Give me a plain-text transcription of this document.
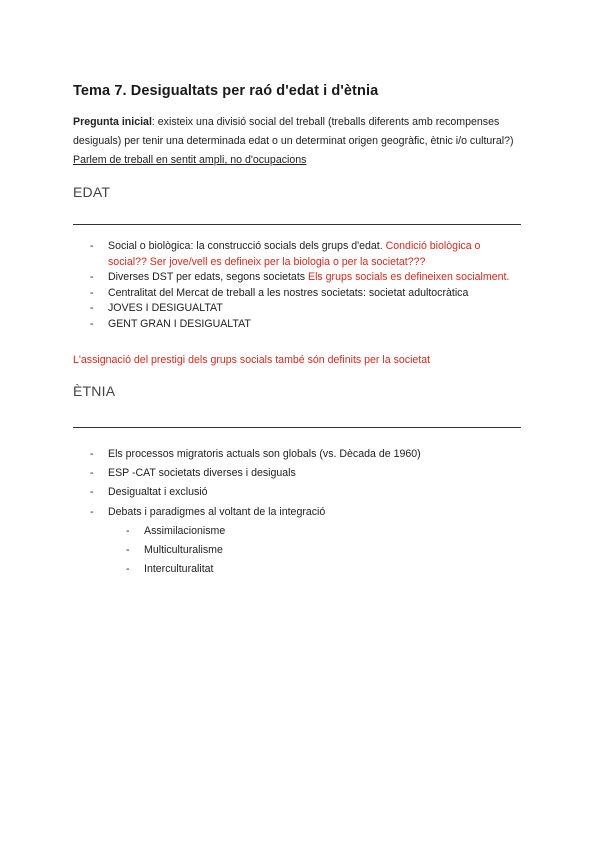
Tema 7. Desigualtats per raó d'edat i d'ètnia
Pregunta inicial: existeix una divisió social del treball (treballs diferents amb recompenses desiguals) per tenir una determinada edat o un determinat origen geogràfic, ètnic i/o cultural?) Parlem de treball en sentit ampli, no d'ocupacions
EDAT
- Social o biològica: la construcció socials dels grups d'edat. Condició biològica o social?? Ser jove/vell es defineix per la biologia o per la societat???
- Diverses DST per edats, segons societats Els grups socials es defineixen socialment.
- Centralitat del Mercat de treball a les nostres societats: societat adultocràtica
- JOVES I DESIGUALTAT
- GENT GRAN I DESIGUALTAT
L'assignació del prestigi dels grups socials també són definits per la societat
ÈTNIA
- Els processos migratoris actuals son globals (vs. Dècada de 1960)
- ESP -CAT societats diverses i desiguals
- Desigualtat i exclusió
- Debats i paradigmes al voltant de la integració
- Assimilacionisme
- Multiculturalisme
- Interculturalitat
